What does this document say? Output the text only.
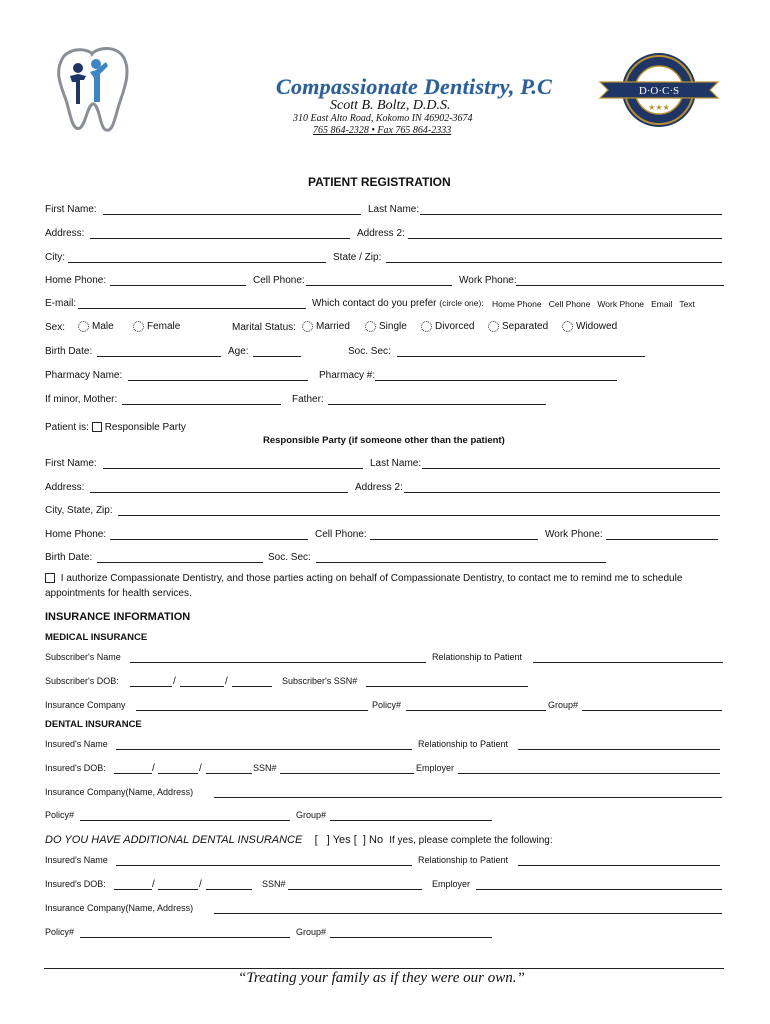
Compassionate Dentistry, P.C
Scott B. Boltz, D.D.S.
310 East Alto Road, Kokomo IN 46902-3674
765 864-2328 • Fax 765 864-2333
D·O·C·S
★★★
PATIENT REGISTRATION
First Name:	Last Name:
Address:	Address 2:
City:	State / Zip:
Home Phone:	Cell Phone:	Work Phone:
E-mail:	Which contact do you prefer (circle one): Home Phone Cell Phone Work Phone Email Text
Sex:	Male	Female	Marital Status:	Married	Single	Divorced	Separated	Widowed
Birth Date:	Age:	Soc. Sec:
Pharmacy Name:	Pharmacy #:
If minor, Mother:	Father:
Patient is: Responsible Party
Responsible Party (if someone other than the patient)
First Name:	Last Name:
Address:	Address 2:
City, State, Zip:
Home Phone:	Cell Phone:	Work Phone:
Birth Date:	Soc. Sec:
I authorize Compassionate Dentistry, and those parties acting on behalf of Compassionate Dentistry, to contact me to remind me to schedule
appointments for health services.
INSURANCE INFORMATION
MEDICAL INSURANCE
Subscriber's Name	Relationship to Patient
Subscriber's DOB:	/	/	Subscriber's SSN#
Insurance Company	Policy#	Group#
DENTAL INSURANCE
Insured's Name	Relationship to Patient
Insured's DOB:	/	/	SSN#	Employer
Insurance Company(Name, Address)
Policy#	Group#
DO YOU HAVE ADDITIONAL DENTAL INSURANCE [   ] Yes [  ] No If yes, please complete the following:
Insured's Name	Relationship to Patient
Insured's DOB:	/	/	SSN#	Employer
Insurance Company(Name, Address)
Policy#	Group#
“Treating your family as if they were our own.”
